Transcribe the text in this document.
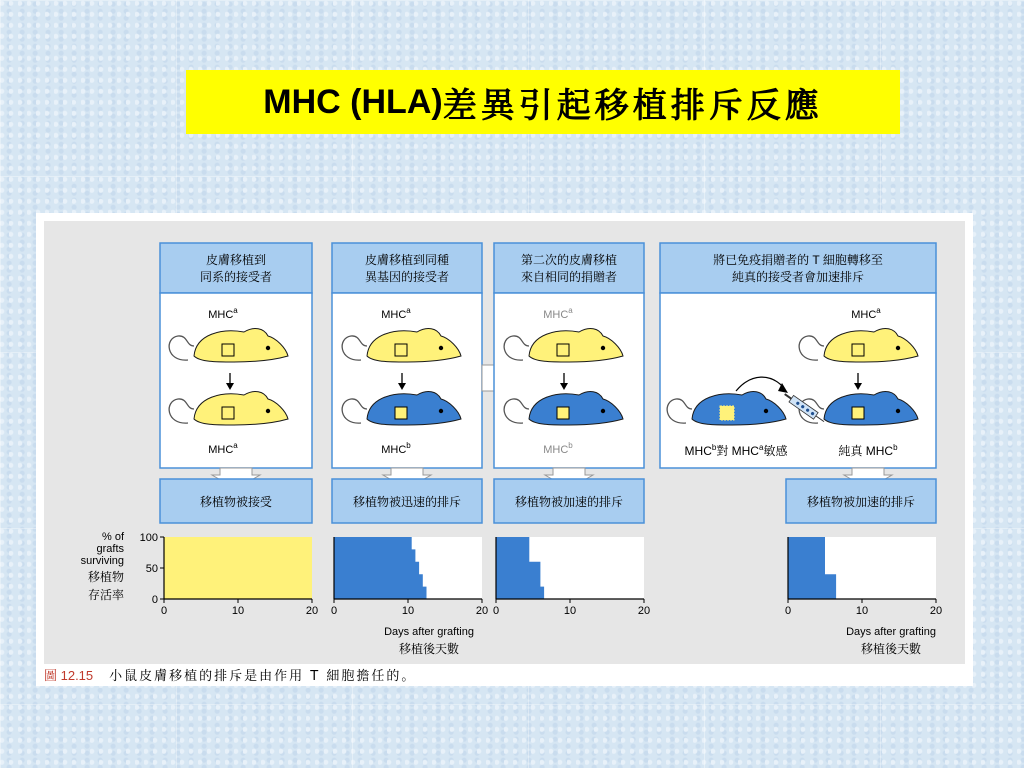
MHC (HLA) 差異引起移植排斥反應
皮膚移植到
同系的接受者
MHC$^a$
MHC$^a$
移植物被接受
皮膚移植到同種
異基因的接受者
MHC$^a$
MHC$^b$
移植物被迅速的排斥
第二次的皮膚移植
來自相同的捐贈者
MHC$^a$
MHC$^b$
移植物被加速的排斥
將已免疫捐贈者的 T 細胞轉移至
純真的接受者會加速排斥
MHC$^a$
MHC$^b$對 MHC$^a$敏感	純真 MHC$^b$
移植物被加速的排斥
% of
grafts
surviving
移植物
存活率
0	10	20
0
50
100
0	10	20 0	10	20	0	10	20
Days after grafting
移植後天數
Days after grafting
移植後天數
圖 12.15 小鼠皮膚移植的排斥是由作用 T 細胞擔任的。
